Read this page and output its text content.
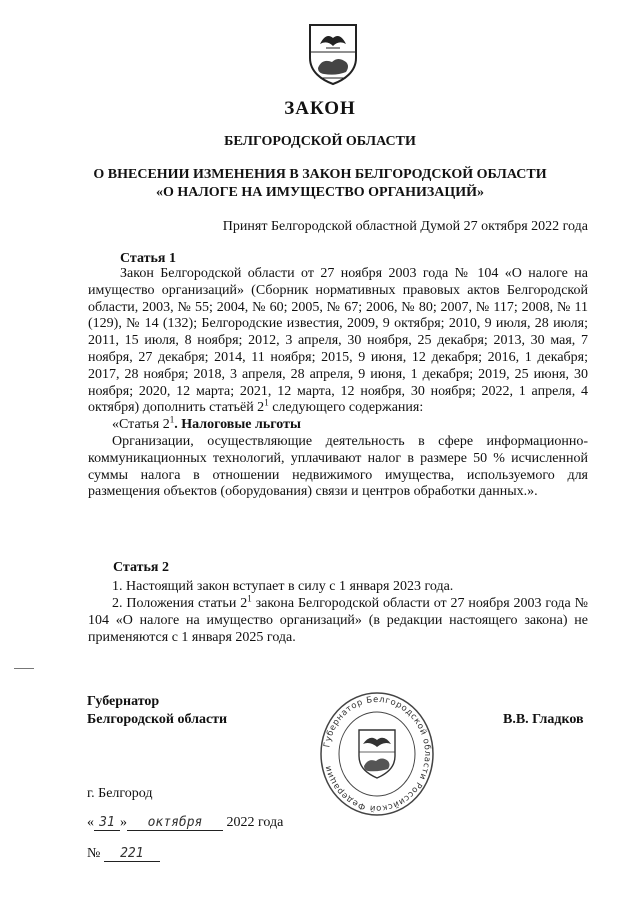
ЗАКОН
БЕЛГОРОДСКОЙ ОБЛАСТИ
О ВНЕСЕНИИ ИЗМЕНЕНИЯ В ЗАКОН БЕЛГОРОДСКОЙ ОБЛАСТИ
«О НАЛОГЕ НА ИМУЩЕСТВО ОРГАНИЗАЦИЙ»
Принят Белгородской областной Думой 27 октября 2022 года
Статья 1

Закон Белгородской области от 27 ноября 2003 года № 104 «О налоге на имущество организаций» (Сборник нормативных правовых актов Белгородской области, 2003, № 55; 2004, № 60; 2005, № 67; 2006, № 80; 2007, № 117; 2008, № 11 (129), № 14 (132); Белгородские известия, 2009, 9 октября; 2010, 9 июля, 28 июля; 2011, 15 июля, 8 ноября; 2012, 3 апреля, 30 ноября, 25 декабря; 2013, 30 мая, 7 ноября, 27 декабря; 2014, 11 ноября; 2015, 9 июня, 12 декабря; 2016, 1 декабря; 2017, 28 ноября; 2018, 3 апреля, 28 апреля, 9 июня, 1 декабря; 2019, 25 июня, 30 ноября; 2020, 12 марта; 2021, 12 марта, 12 ноября, 30 ноября; 2022, 1 апреля, 4 октября) дополнить статьёй $2^1$ следующего содержания:

«Статья $2^1$. Налоговые льготы

Организации, осуществляющие деятельность в сфере информационно-коммуникационных технологий, уплачивают налог в размере 50 % исчисленной суммы налога в отношении недвижимого имущества, используемого для размещения объектов (оборудования) связи и центров обработки данных.».

Статья 2

1. Настоящий закон вступает в силу с 1 января 2023 года.

2. Положения статьи $2^1$ закона Белгородской области от 27 ноября 2003 года № 104 «О налоге на имущество организаций» (в редакции настоящего закона) не применяются с 1 января 2025 года.

Губернатор
Белгородской области	В.В. Гладков
Губернатор Белгородской области Российской Федерации
г. Белгород
« 31 » октября 2022 года
№ 221
